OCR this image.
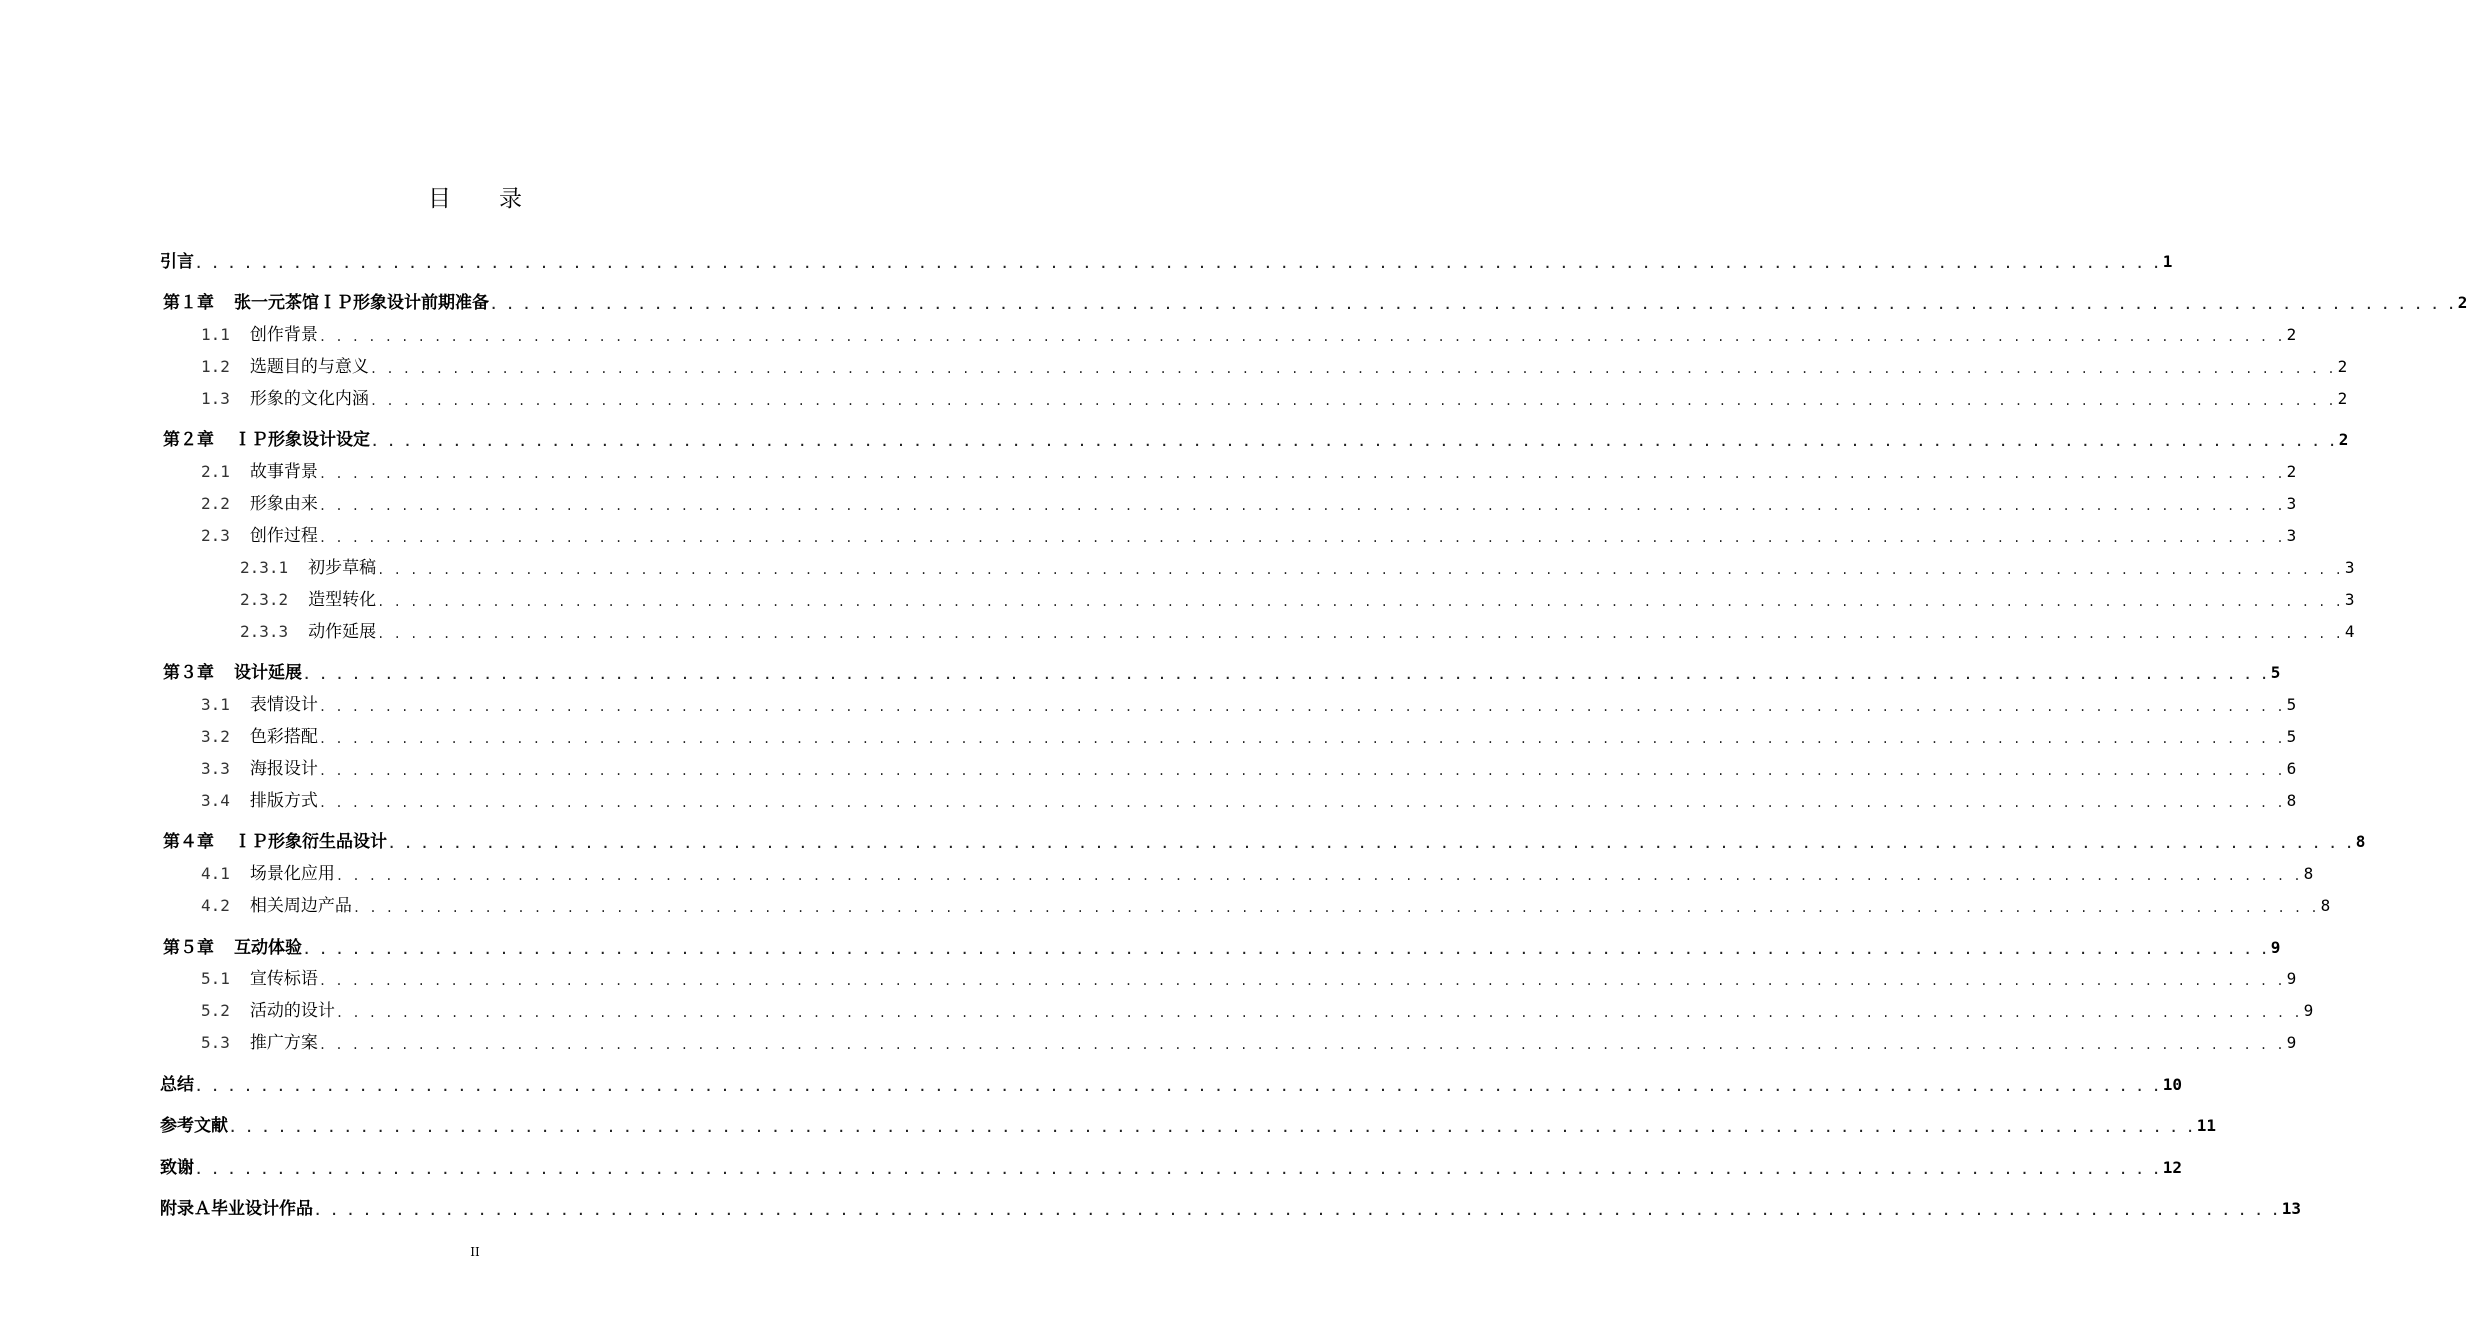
目 录
引言 . . . . . . . . . . . . . . . . . . . . . . . . . . . . . . . . . . . . . . . . . . . . . . . . . . . . . . . . . . . . . . . . . . . . . . . . . . . . . . . . . . . . . . . . . . . . . . . . . . . . . . . . . . . . . . . . . . . . . . . . 1
第１章 张一元茶馆ＩＰ形象设计前期准备 . . . . . . . . . . . . . . . . . . . . . . . . . . . . . . . . . . . . . . . . . . . . . . . . . . . . . . . . . . . . . . . . . . . . . . . . . . . . . . . . . . . . . . . . . . . . . . . . . . . . . . . . . . . . . . . . . . . . . . . . 2
1.1 创作背景 . . . . . . . . . . . . . . . . . . . . . . . . . . . . . . . . . . . . . . . . . . . . . . . . . . . . . . . . . . . . . . . . . . . . . . . . . . . . . . . . . . . . . . . . . . . . . . . . . . . . . . . . . . . . . . . . . . . . . . . . 2
1.2 选题目的与意义 . . . . . . . . . . . . . . . . . . . . . . . . . . . . . . . . . . . . . . . . . . . . . . . . . . . . . . . . . . . . . . . . . . . . . . . . . . . . . . . . . . . . . . . . . . . . . . . . . . . . . . . . . . . . . . . . . . . . . . . . 2
1.3 形象的文化内涵 . . . . . . . . . . . . . . . . . . . . . . . . . . . . . . . . . . . . . . . . . . . . . . . . . . . . . . . . . . . . . . . . . . . . . . . . . . . . . . . . . . . . . . . . . . . . . . . . . . . . . . . . . . . . . . . . . . . . . . . . 2
第２章 ＩＰ形象设计设定 . . . . . . . . . . . . . . . . . . . . . . . . . . . . . . . . . . . . . . . . . . . . . . . . . . . . . . . . . . . . . . . . . . . . . . . . . . . . . . . . . . . . . . . . . . . . . . . . . . . . . . . . . . . . . . . . . . . . . . . . 2
2.1 故事背景 . . . . . . . . . . . . . . . . . . . . . . . . . . . . . . . . . . . . . . . . . . . . . . . . . . . . . . . . . . . . . . . . . . . . . . . . . . . . . . . . . . . . . . . . . . . . . . . . . . . . . . . . . . . . . . . . . . . . . . . . 2
2.2 形象由来 . . . . . . . . . . . . . . . . . . . . . . . . . . . . . . . . . . . . . . . . . . . . . . . . . . . . . . . . . . . . . . . . . . . . . . . . . . . . . . . . . . . . . . . . . . . . . . . . . . . . . . . . . . . . . . . . . . . . . . . . 3
2.3 创作过程 . . . . . . . . . . . . . . . . . . . . . . . . . . . . . . . . . . . . . . . . . . . . . . . . . . . . . . . . . . . . . . . . . . . . . . . . . . . . . . . . . . . . . . . . . . . . . . . . . . . . . . . . . . . . . . . . . . . . . . . . 3
2.3.1 初步草稿 . . . . . . . . . . . . . . . . . . . . . . . . . . . . . . . . . . . . . . . . . . . . . . . . . . . . . . . . . . . . . . . . . . . . . . . . . . . . . . . . . . . . . . . . . . . . . . . . . . . . . . . . . . . . . . . . . . . . . . . . 3
2.3.2 造型转化 . . . . . . . . . . . . . . . . . . . . . . . . . . . . . . . . . . . . . . . . . . . . . . . . . . . . . . . . . . . . . . . . . . . . . . . . . . . . . . . . . . . . . . . . . . . . . . . . . . . . . . . . . . . . . . . . . . . . . . . . 3
2.3.3 动作延展 . . . . . . . . . . . . . . . . . . . . . . . . . . . . . . . . . . . . . . . . . . . . . . . . . . . . . . . . . . . . . . . . . . . . . . . . . . . . . . . . . . . . . . . . . . . . . . . . . . . . . . . . . . . . . . . . . . . . . . . . 4
第３章 设计延展 . . . . . . . . . . . . . . . . . . . . . . . . . . . . . . . . . . . . . . . . . . . . . . . . . . . . . . . . . . . . . . . . . . . . . . . . . . . . . . . . . . . . . . . . . . . . . . . . . . . . . . . . . . . . . . . . . . . . . . . . 5
3.1 表情设计 . . . . . . . . . . . . . . . . . . . . . . . . . . . . . . . . . . . . . . . . . . . . . . . . . . . . . . . . . . . . . . . . . . . . . . . . . . . . . . . . . . . . . . . . . . . . . . . . . . . . . . . . . . . . . . . . . . . . . . . . 5
3.2 色彩搭配 . . . . . . . . . . . . . . . . . . . . . . . . . . . . . . . . . . . . . . . . . . . . . . . . . . . . . . . . . . . . . . . . . . . . . . . . . . . . . . . . . . . . . . . . . . . . . . . . . . . . . . . . . . . . . . . . . . . . . . . . 5
3.3 海报设计 . . . . . . . . . . . . . . . . . . . . . . . . . . . . . . . . . . . . . . . . . . . . . . . . . . . . . . . . . . . . . . . . . . . . . . . . . . . . . . . . . . . . . . . . . . . . . . . . . . . . . . . . . . . . . . . . . . . . . . . . 6
3.4 排版方式 . . . . . . . . . . . . . . . . . . . . . . . . . . . . . . . . . . . . . . . . . . . . . . . . . . . . . . . . . . . . . . . . . . . . . . . . . . . . . . . . . . . . . . . . . . . . . . . . . . . . . . . . . . . . . . . . . . . . . . . . 8
第４章 ＩＰ形象衍生品设计 . . . . . . . . . . . . . . . . . . . . . . . . . . . . . . . . . . . . . . . . . . . . . . . . . . . . . . . . . . . . . . . . . . . . . . . . . . . . . . . . . . . . . . . . . . . . . . . . . . . . . . . . . . . . . . . . . . . . . . . . 8
4.1 场景化应用 . . . . . . . . . . . . . . . . . . . . . . . . . . . . . . . . . . . . . . . . . . . . . . . . . . . . . . . . . . . . . . . . . . . . . . . . . . . . . . . . . . . . . . . . . . . . . . . . . . . . . . . . . . . . . . . . . . . . . . . . 8
4.2 相关周边产品 . . . . . . . . . . . . . . . . . . . . . . . . . . . . . . . . . . . . . . . . . . . . . . . . . . . . . . . . . . . . . . . . . . . . . . . . . . . . . . . . . . . . . . . . . . . . . . . . . . . . . . . . . . . . . . . . . . . . . . . . 8
第５章 互动体验 . . . . . . . . . . . . . . . . . . . . . . . . . . . . . . . . . . . . . . . . . . . . . . . . . . . . . . . . . . . . . . . . . . . . . . . . . . . . . . . . . . . . . . . . . . . . . . . . . . . . . . . . . . . . . . . . . . . . . . . . 9
5.1 宣传标语 . . . . . . . . . . . . . . . . . . . . . . . . . . . . . . . . . . . . . . . . . . . . . . . . . . . . . . . . . . . . . . . . . . . . . . . . . . . . . . . . . . . . . . . . . . . . . . . . . . . . . . . . . . . . . . . . . . . . . . . . 9
5.2 活动的设计 . . . . . . . . . . . . . . . . . . . . . . . . . . . . . . . . . . . . . . . . . . . . . . . . . . . . . . . . . . . . . . . . . . . . . . . . . . . . . . . . . . . . . . . . . . . . . . . . . . . . . . . . . . . . . . . . . . . . . . . . 9
5.3 推广方案 . . . . . . . . . . . . . . . . . . . . . . . . . . . . . . . . . . . . . . . . . . . . . . . . . . . . . . . . . . . . . . . . . . . . . . . . . . . . . . . . . . . . . . . . . . . . . . . . . . . . . . . . . . . . . . . . . . . . . . . . 9
总结 . . . . . . . . . . . . . . . . . . . . . . . . . . . . . . . . . . . . . . . . . . . . . . . . . . . . . . . . . . . . . . . . . . . . . . . . . . . . . . . . . . . . . . . . . . . . . . . . . . . . . . . . . . . . . . . . . . . . . . . . 10
参考文献 . . . . . . . . . . . . . . . . . . . . . . . . . . . . . . . . . . . . . . . . . . . . . . . . . . . . . . . . . . . . . . . . . . . . . . . . . . . . . . . . . . . . . . . . . . . . . . . . . . . . . . . . . . . . . . . . . . . . . . . . 11
致谢 . . . . . . . . . . . . . . . . . . . . . . . . . . . . . . . . . . . . . . . . . . . . . . . . . . . . . . . . . . . . . . . . . . . . . . . . . . . . . . . . . . . . . . . . . . . . . . . . . . . . . . . . . . . . . . . . . . . . . . . . 12
附录Ａ毕业设计作品 . . . . . . . . . . . . . . . . . . . . . . . . . . . . . . . . . . . . . . . . . . . . . . . . . . . . . . . . . . . . . . . . . . . . . . . . . . . . . . . . . . . . . . . . . . . . . . . . . . . . . . . . . . . . . . . . . . . . . . . . 13
II
